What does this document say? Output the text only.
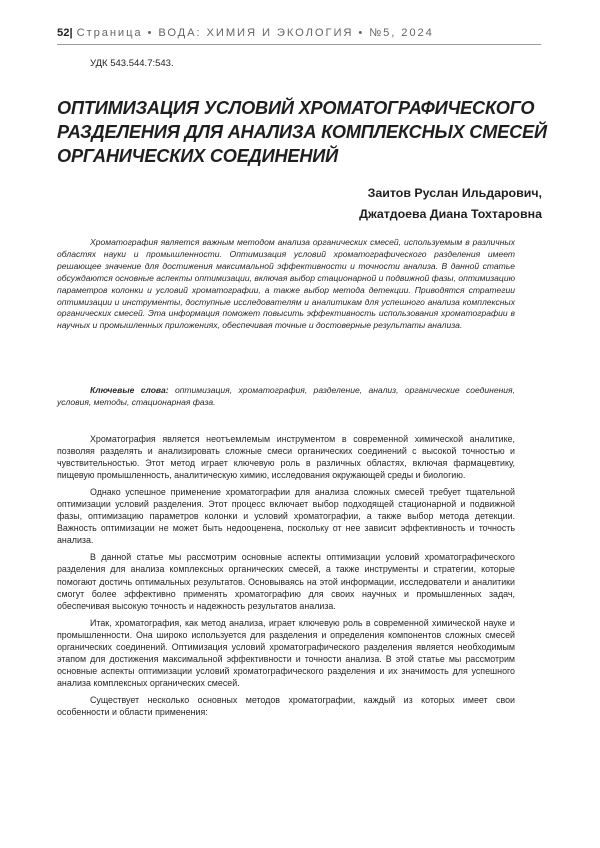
52| Страница • ВОДА: ХИМИЯ И ЭКОЛОГИЯ • №5, 2024
УДК 543.544.7:543.
ОПТИМИЗАЦИЯ УСЛОВИЙ ХРОМАТОГРАФИЧЕСКОГО РАЗДЕЛЕНИЯ ДЛЯ АНАЛИЗА КОМПЛЕКСНЫХ СМЕСЕЙ ОРГАНИЧЕСКИХ СОЕДИНЕНИЙ
Заитов Руслан Ильдарович,
Джатдоева Диана Тохтаровна

Хроматография является важным методом анализа органических смесей, используемым в различных областях науки и промышленности. Оптимизация условий хроматографического разделения имеет решающее значение для достижения максимальной эффективности и точности анализа. В данной статье обсуждаются основные аспекты оптимизации, включая выбор стационарной и подвижной фазы, оптимизацию параметров колонки и условий хроматографии, а также выбор метода детекции. Приводятся стратегии оптимизации и инструменты, доступные исследователям и аналитикам для успешного анализа комплексных органических смесей. Эта информация поможет повысить эффективность использования хроматографии в научных и промышленных приложениях, обеспечивая точные и достоверные результаты анализа.

Ключевые слова: оптимизация, хроматография, разделение, анализ, органические соединения, условия, методы, стационарная фаза.

Хроматография является неотъемлемым инструментом в современной химической аналитике, позволяя разделять и анализировать сложные смеси органических соединений с высокой точностью и чувствительностью. Этот метод играет ключевую роль в различных областях, включая фармацевтику, пищевую промышленность, аналитическую химию, исследования окружающей среды и биологию.

Однако успешное применение хроматографии для анализа сложных смесей требует тщательной оптимизации условий разделения. Этот процесс включает выбор подходящей стационарной и подвижной фазы, оптимизацию параметров колонки и условий хроматографии, а также выбор метода детекции. Важность оптимизации не может быть недооценена, поскольку от нее зависит эффективность и точность анализа.

В данной статье мы рассмотрим основные аспекты оптимизации условий хроматографического разделения для анализа комплексных органических смесей, а также инструменты и стратегии, которые помогают достичь оптимальных результатов. Основываясь на этой информации, исследователи и аналитики смогут более эффективно применять хроматографию для своих научных и промышленных задач, обеспечивая высокую точность и надежность результатов анализа.

Итак, хроматография, как метод анализа, играет ключевую роль в современной химической науке и промышленности. Она широко используется для разделения и определения компонентов сложных смесей органических соединений. Оптимизация условий хроматографического разделения является необходимым этапом для достижения максимальной эффективности и точности анализа. В этой статье мы рассмотрим основные аспекты оптимизации условий хроматографического разделения и их значимость для успешного анализа комплексных органических смесей.

Существует несколько основных методов хроматографии, каждый из которых имеет свои особенности и области применения:
